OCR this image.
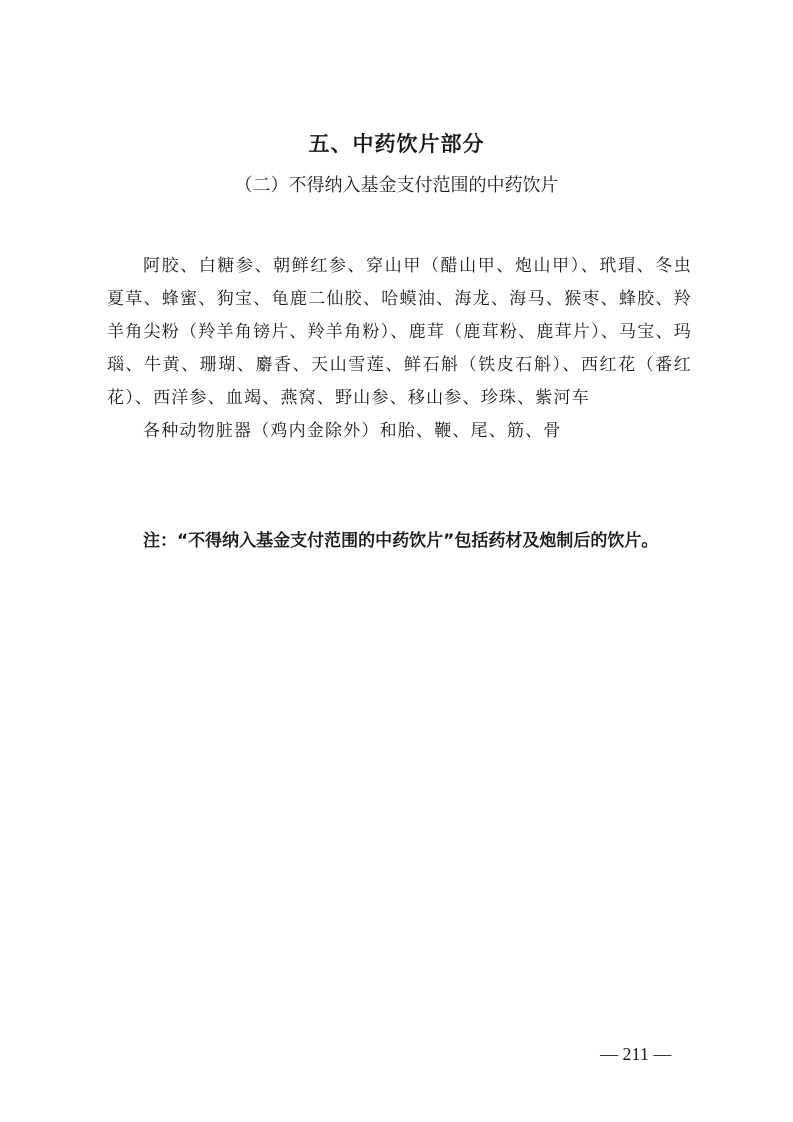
五、中药饮片部分
（二）不得纳入基金支付范围的中药饮片

阿胶、白糖参、朝鲜红参、穿山甲（醋山甲、炮山甲）、玳瑁、冬虫夏草、蜂蜜、狗宝、龟鹿二仙胶、哈蟆油、海龙、海马、猴枣、蜂胶、羚羊角尖粉（羚羊角镑片、羚羊角粉）、鹿茸（鹿茸粉、鹿茸片）、马宝、玛瑙、牛黄、珊瑚、麝香、天山雪莲、鲜石斛（铁皮石斛）、西红花（番红花）、西洋参、血竭、燕窝、野山参、移山参、珍珠、紫河车

各种动物脏器（鸡内金除外）和胎、鞭、尾、筋、骨

注：“不得纳入基金支付范围的中药饮片”包括药材及炮制后的饮片。
— 211 —
